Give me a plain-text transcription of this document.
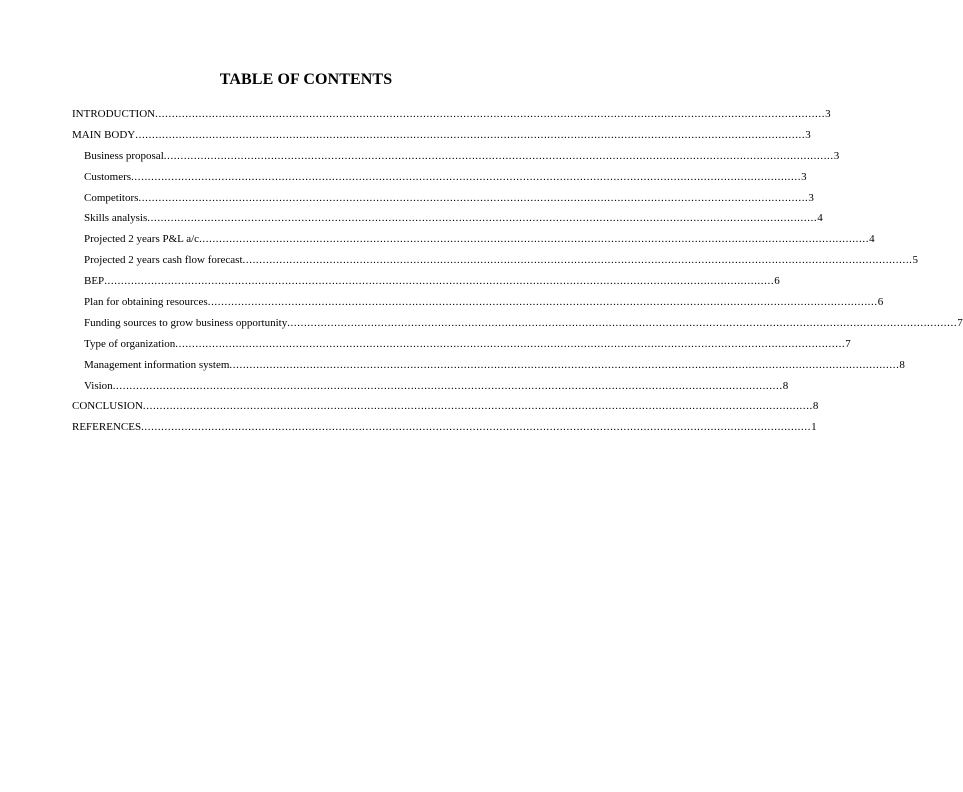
TABLE OF CONTENTS
INTRODUCTION ........................................................................................................................................................................................................ 3
MAIN BODY ........................................................................................................................................................................................................ 3
Business proposal ........................................................................................................................................................................................................ 3
Customers ........................................................................................................................................................................................................ 3
Competitors ........................................................................................................................................................................................................ 3
Skills analysis ........................................................................................................................................................................................................ 4
Projected 2 years P&L a/c ........................................................................................................................................................................................................ 4
Projected 2 years cash flow forecast ........................................................................................................................................................................................................ 5
BEP ........................................................................................................................................................................................................ 6
Plan for obtaining resources ........................................................................................................................................................................................................ 6
Funding sources to grow business opportunity ........................................................................................................................................................................................................ 7
Type of organization ........................................................................................................................................................................................................ 7
Management information system ........................................................................................................................................................................................................ 8
Vision ........................................................................................................................................................................................................ 8
CONCLUSION ........................................................................................................................................................................................................ 8
REFERENCES ........................................................................................................................................................................................................ 1
